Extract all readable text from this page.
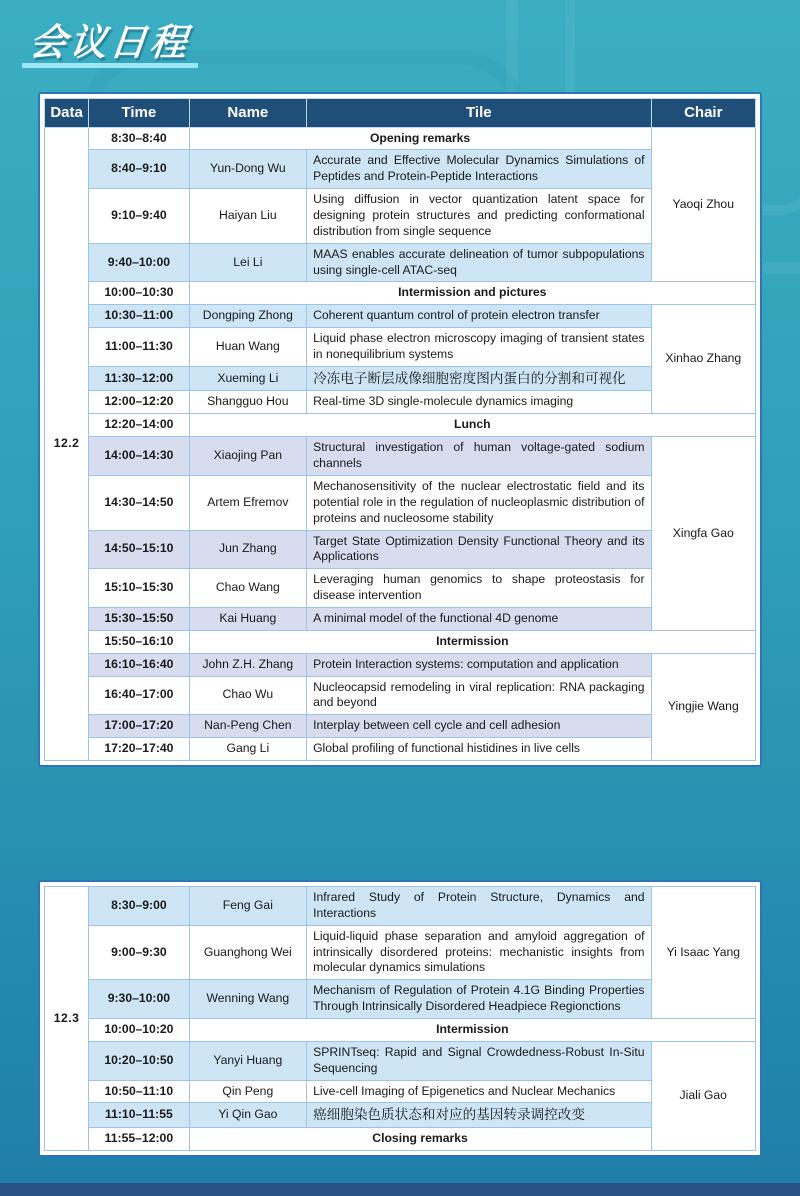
会议日程
Data	Time	Name	Tile	Chair
12.2	8:30–8:40	Opening remarks		Yaoqi Zhou
	8:40–9:10	Yun-Dong Wu	Accurate and Effective Molecular Dynamics Simulations of Peptides and Protein-Peptide Interactions	
	9:10–9:40	Haiyan Liu	Using diffusion in vector quantization latent space for designing protein structures and predicting conformational distribution from single sequence	
	9:40–10:00	Lei Li	MAAS enables accurate delineation of tumor subpopulations using single-cell ATAC-seq	
	10:00–10:30	Intermission and pictures		
	10:30–11:00	Dongping Zhong	Coherent quantum control of protein electron transfer	Xinhao Zhang
	11:00–11:30	Huan Wang	Liquid phase electron microscopy imaging of transient states in nonequilibrium systems	
	11:30–12:00	Xueming Li	冷冻电子断层成像细胞密度图内蛋白的分割和可视化	
	12:00–12:20	Shangguo Hou	Real-time 3D single-molecule dynamics imaging	
	12:20–14:00	Lunch		
	14:00–14:30	Xiaojing Pan	Structural investigation of human voltage-gated sodium channels	Xingfa Gao
	14:30–14:50	Artem Efremov	Mechanosensitivity of the nuclear electrostatic field and its potential role in the regulation of nucleoplasmic distribution of proteins and nucleosome stability	
	14:50–15:10	Jun Zhang	Target State Optimization Density Functional Theory and its Applications	
	15:10–15:30	Chao Wang	Leveraging human genomics to shape proteostasis for disease intervention	
	15:30–15:50	Kai Huang	A minimal model of the functional 4D genome	
	15:50–16:10	Intermission		
	16:10–16:40	John Z.H. Zhang	Protein Interaction systems: computation and application	Yingjie Wang
	16:40–17:00	Chao Wu	Nucleocapsid remodeling in viral replication: RNA packaging and beyond	
	17:00–17:20	Nan-Peng Chen	Interplay between cell cycle and cell adhesion	
	17:20–17:40	Gang Li	Global profiling of functional histidines in live cells	
12.3	8:30–9:00	Feng Gai	Infrared Study of Protein Structure, Dynamics and Interactions	Yi Isaac Yang
	9:00–9:30	Guanghong Wei	Liquid-liquid phase separation and amyloid aggregation of intrinsically disordered proteins: mechanistic insights from molecular dynamics simulations	
	9:30–10:00	Wenning Wang	Mechanism of Regulation of Protein 4.1G Binding Properties Through Intrinsically Disordered Headpiece Regionctions	
	10:00–10:20	Intermission		
	10:20–10:50	Yanyi Huang	SPRINTseq: Rapid and Signal Crowdedness-Robust In-Situ Sequencing	Jiali Gao
	10:50–11:10	Qin Peng	Live-cell Imaging of Epigenetics and Nuclear Mechanics	
	11:10–11:55	Yi Qin Gao	癌细胞染色质状态和对应的基因转录调控改变	
	11:55–12:00	Closing remarks		
